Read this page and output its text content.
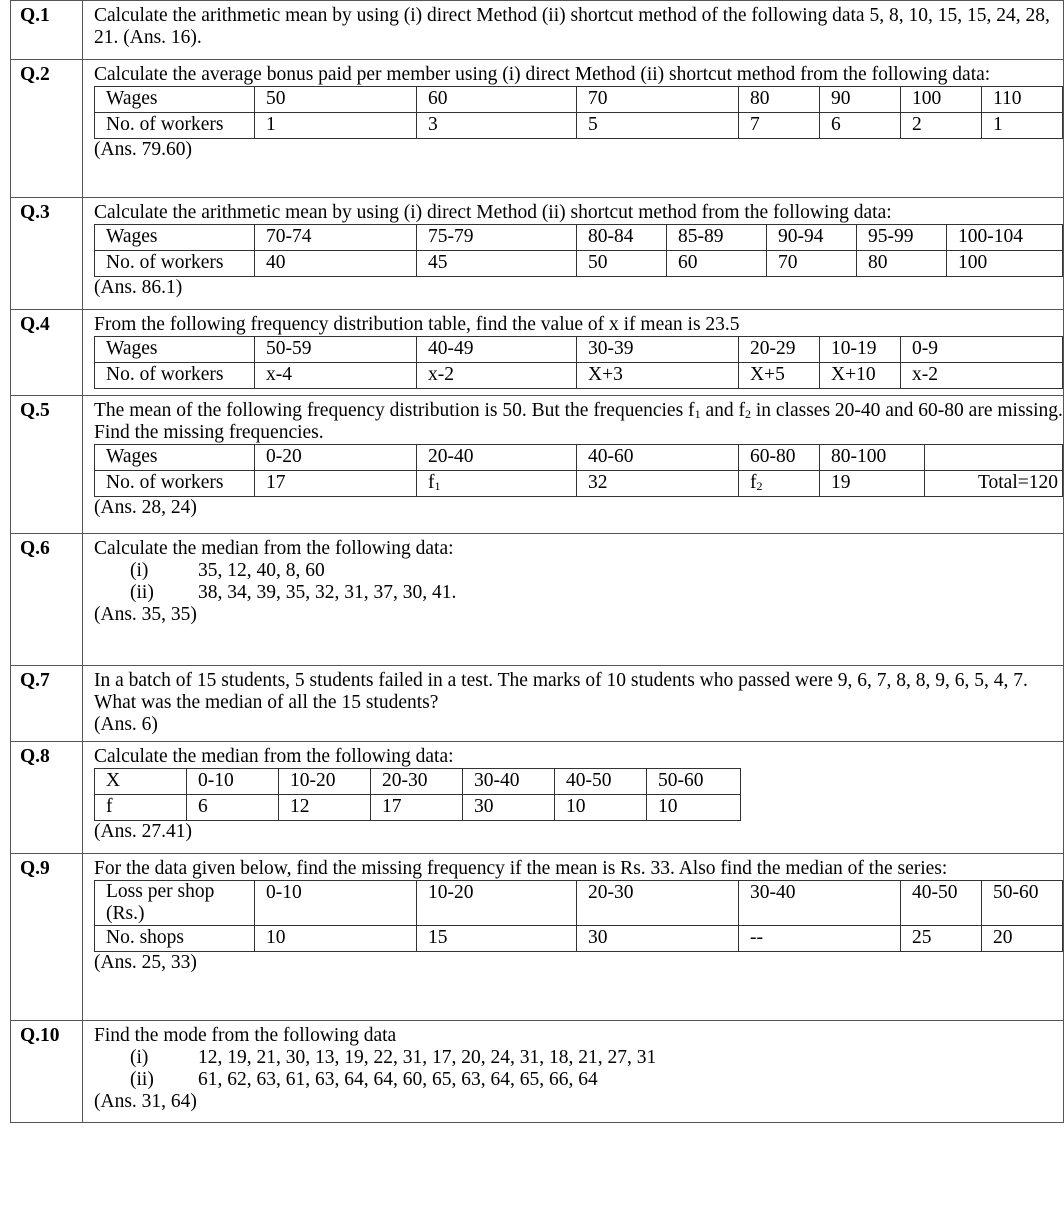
Q.1	Calculate the arithmetic mean by using (i) direct Method (ii) shortcut method of the following data 5, 8, 10, 15, 15, 24, 28, 21. (Ans. 16).

Q.2	Calculate the average bonus paid per member using (i) direct Method (ii) shortcut method from the following data:
Wages	50	60	70	80	90	100	110
No. of workers	1	3	5	7	6	2	1
(Ans. 79.60)

Q.3	Calculate the arithmetic mean by using (i) direct Method (ii) shortcut method from the following data:
Wages	70-74	75-79	80-84	85-89	90-94	95-99	100-104
No. of workers	40	45	50	60	70	80	100
(Ans. 86.1)

Q.4	From the following frequency distribution table, find the value of x if mean is 23.5
Wages	50-59	40-49	30-39	20-29	10-19	0-9
No. of workers	x-4	x-2	X+3	X+5	X+10	x-2

Q.5	The mean of the following frequency distribution is 50. But the frequencies $f_1$ and $f_2$ in classes 20-40 and 60-80 are missing. Find the missing frequencies.
Wages	0-20	20-40	40-60	60-80	80-100	
No. of workers	17	$f_1$	32	$f_2$	19	Total=120
(Ans. 28, 24)

Q.6	Calculate the median from the following data:
(i)	35, 12, 40, 8, 60
(ii)	38, 34, 39, 35, 32, 31, 37, 30, 41.
(Ans. 35, 35)

Q.7	In a batch of 15 students, 5 students failed in a test. The marks of 10 students who passed were 9, 6, 7, 8, 8, 9, 6, 5, 4, 7. What was the median of all the 15 students?
(Ans. 6)

Q.8	Calculate the median from the following data:
X	0-10	10-20	20-30	30-40	40-50	50-60
f	6	12	17	30	10	10
(Ans. 27.41)

Q.9	For the data given below, find the missing frequency if the mean is Rs. 33. Also find the median of the series:
Loss per shop (Rs.)	0-10	10-20	20-30	30-40	40-50	50-60
No. shops	10	15	30	--	25	20
(Ans. 25, 33)

Q.10	Find the mode from the following data
(i)	12, 19, 21, 30, 13, 19, 22, 31, 17, 20, 24, 31, 18, 21, 27, 31
(ii)	61, 62, 63, 61, 63, 64, 64, 60, 65, 63, 64, 65, 66, 64
(Ans. 31, 64)
